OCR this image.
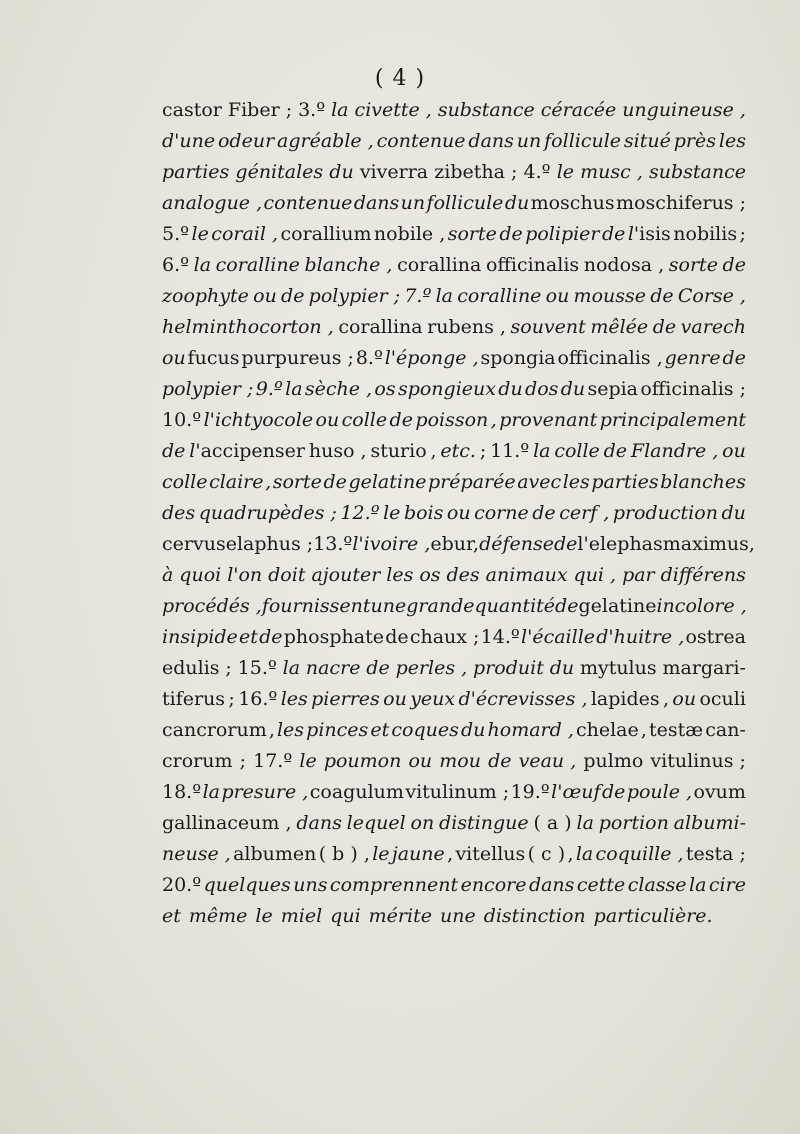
( 4 )
castor Fiber ; 3.º la civette , substance céracée unguineuse ,
d'une odeur agréable , contenue dans un follicule situé près les
parties génitales du viverra zibetha ; 4.º le musc , substance
analogue , contenue dans un follicule du moschus moschiferus ;
5.º le corail , corallium nobile , sorte de polipier de l'isis nobilis ;
6.º la coralline blanche , corallina officinalis nodosa , sorte de
zoophyte ou de polypier ; 7.º la coralline ou mousse de Corse ,
helminthocorton , corallina rubens , souvent mêlée de varech
ou fucus purpureus ; 8.º l'éponge , spongia officinalis , genre de
polypier ; 9.º la sèche , os spongieux du dos du sepia officinalis ;
10.º l'ichtyocole ou colle de poisson , provenant principalement
de l'accipenser huso , sturio , etc. ; 11.º la colle de Flandre , ou
colle claire , sorte de gelatine préparée avec les parties blanches
des quadrupèdes ; 12.º le bois ou corne de cerf , production du
cervus elaphus ; 13.º l'ivoire , ebur, défense de l'elephas maximus,
à quoi l'on doit ajouter les os des animaux qui , par différens
procédés , fournissent une grande quantité de gelatine incolore ,
insipide et de phosphate de chaux ; 14.º l'écaille d'huitre , ostrea
edulis ; 15.º la nacre de perles , produit du mytulus margari-
tiferus ; 16.º les pierres ou yeux d'écrevisses , lapides , ou oculi
cancrorum , les pinces et coques du homard , chelae , testæ can-
crorum ; 17.º le poumon ou mou de veau , pulmo vitulinus ;
18.º la presure , coagulum vitulinum ; 19.º l'œuf de poule , ovum
gallinaceum , dans lequel on distingue ( a ) la portion albumi-
neuse , albumen ( b ) , le jaune , vitellus ( c ) , la coquille , testa ;
20.º quelques uns comprennent encore dans cette classe la cire
et même le miel qui mérite une distinction particulière.
